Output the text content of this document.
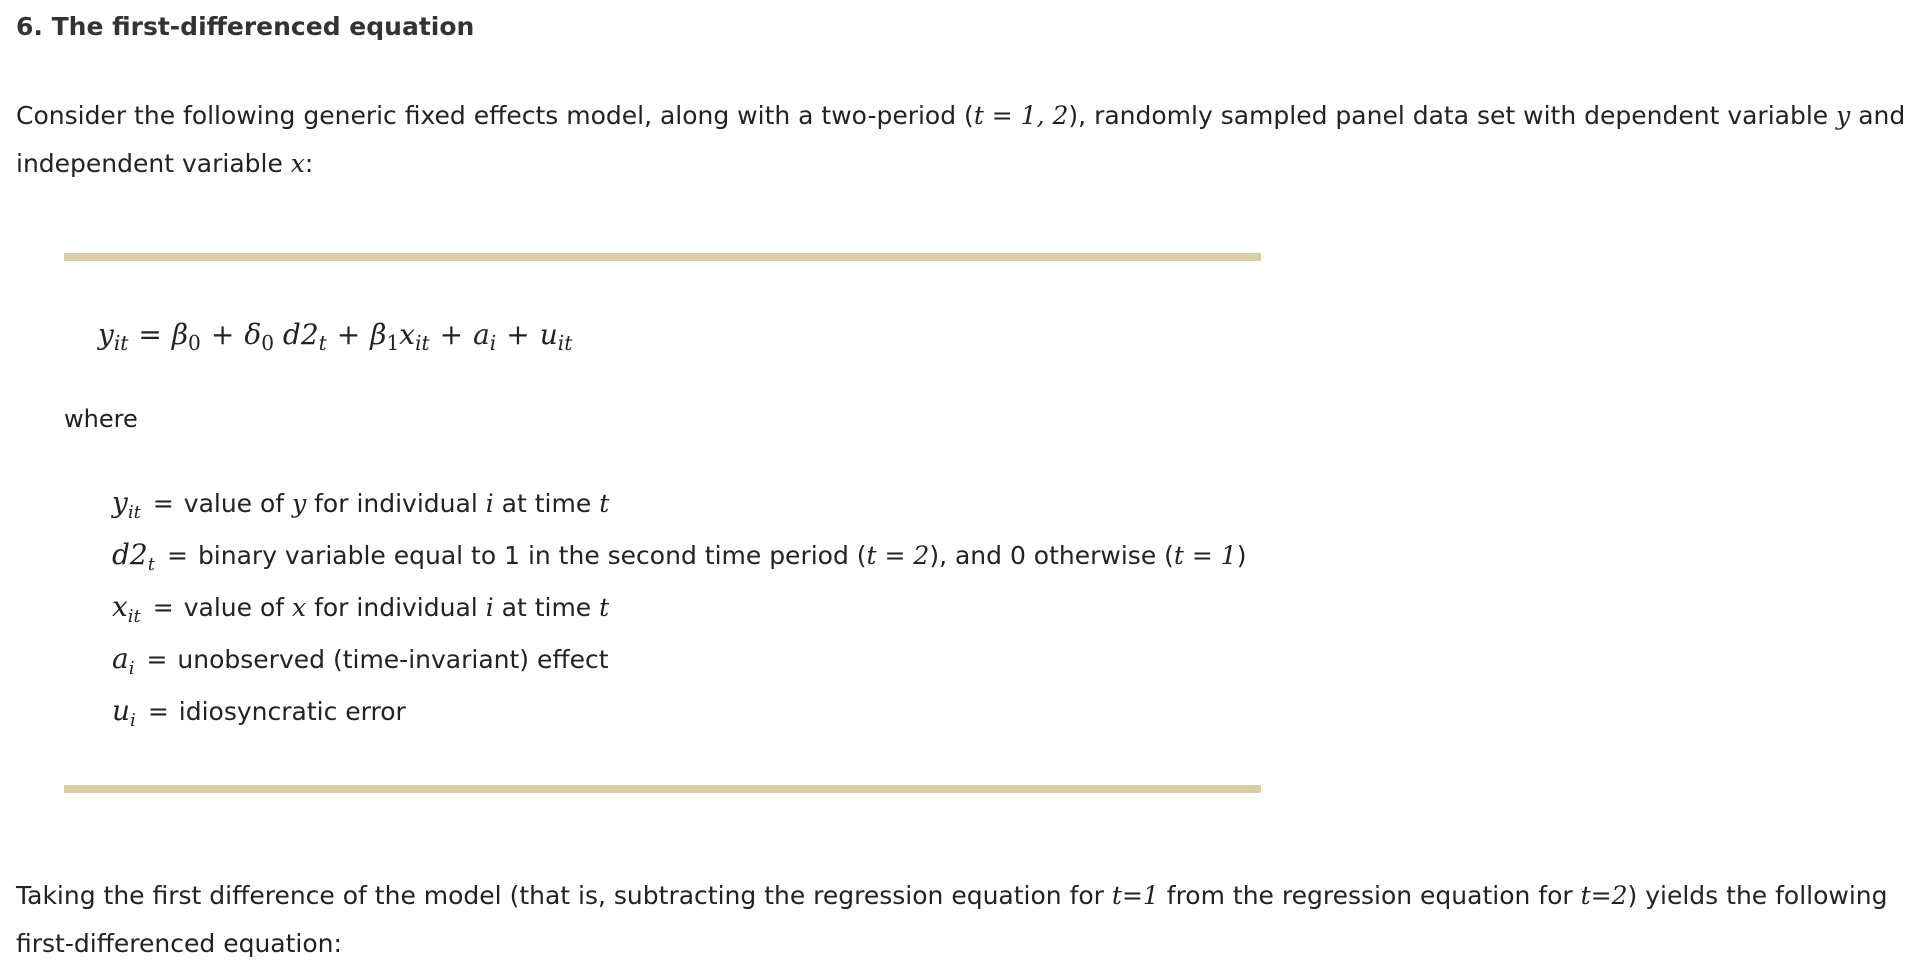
6. The first-differenced equation
Consider the following generic fixed effects model, along with a two-period (t = 1, 2), randomly sampled panel data set with dependent variable y and
independent variable x:
$y_{it} = \beta_0 + \delta_0$ $d2_t + \beta_1x_{it} + a_i + u_{it}$
where
$y_{it}$ = value of y for individual i at time t
$d2_t$ = binary variable equal to 1 in the second time period (t = 2), and 0 otherwise (t = 1)
$x_{it}$ = value of x for individual i at time t
$a_i$ = unobserved (time-invariant) effect
$u_i$ = idiosyncratic error
Taking the first difference of the model (that is, subtracting the regression equation for t=1 from the regression equation for t=2) yields the following
first-differenced equation:
